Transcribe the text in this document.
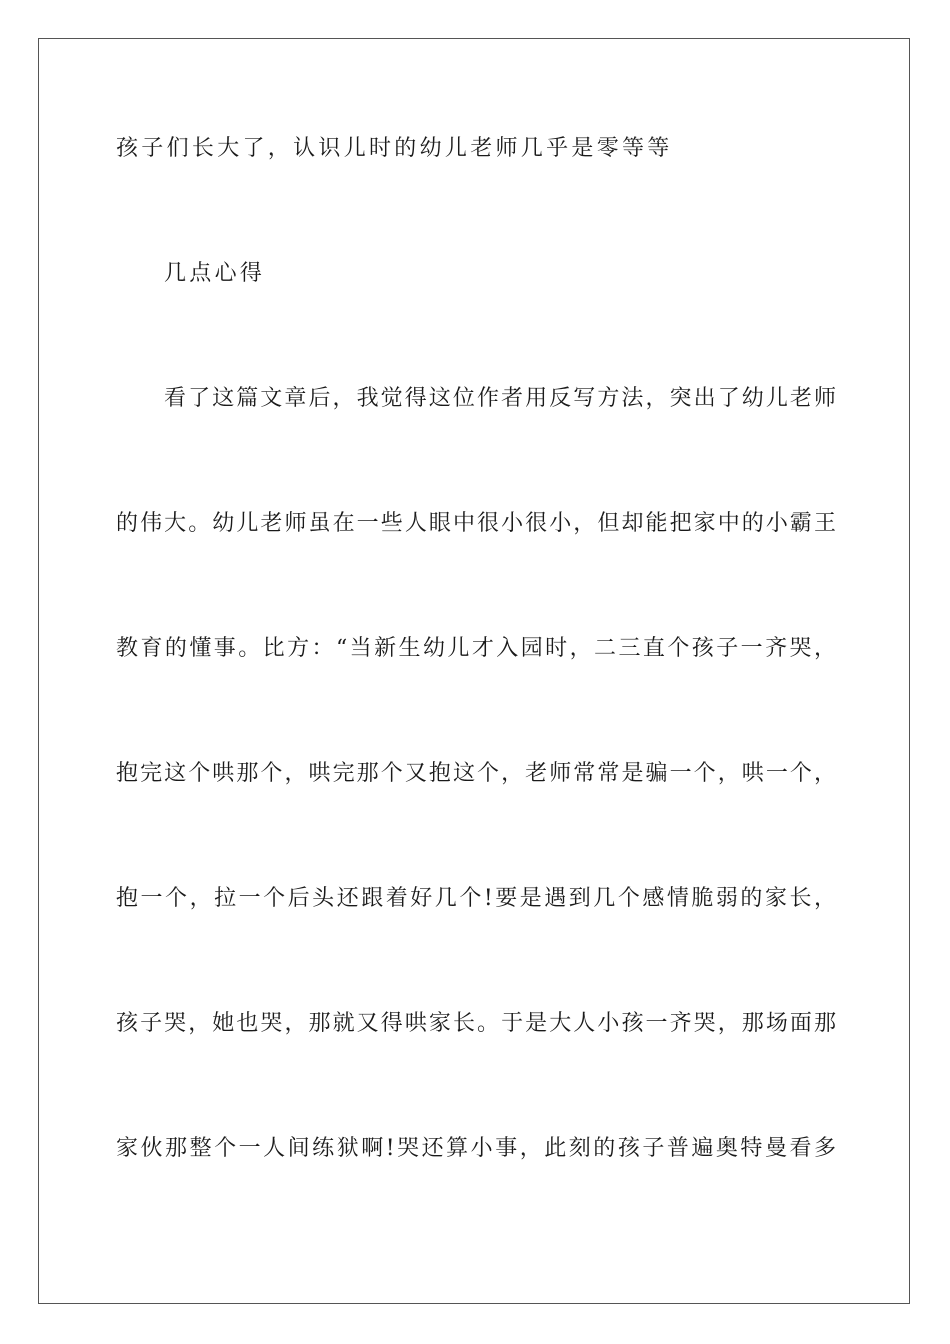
孩子们长大了，认识儿时的幼儿老师几乎是零等等
几点心得
看了这篇文章后，我觉得这位作者用反写方法，突出了幼儿老师
的伟大。幼儿老师虽在一些人眼中很小很小，但却能把家中的小霸王
教育的懂事。比方：“当新生幼儿才入园时，二三直个孩子一齐哭，
抱完这个哄那个，哄完那个又抱这个，老师常常是骗一个，哄一个，
抱一个，拉一个后头还跟着好几个!要是遇到几个感情脆弱的家长，
孩子哭，她也哭，那就又得哄家长。于是大人小孩一齐哭，那场面那
家伙那整个一人间练狱啊!哭还算小事，此刻的孩子普遍奥特曼看多
